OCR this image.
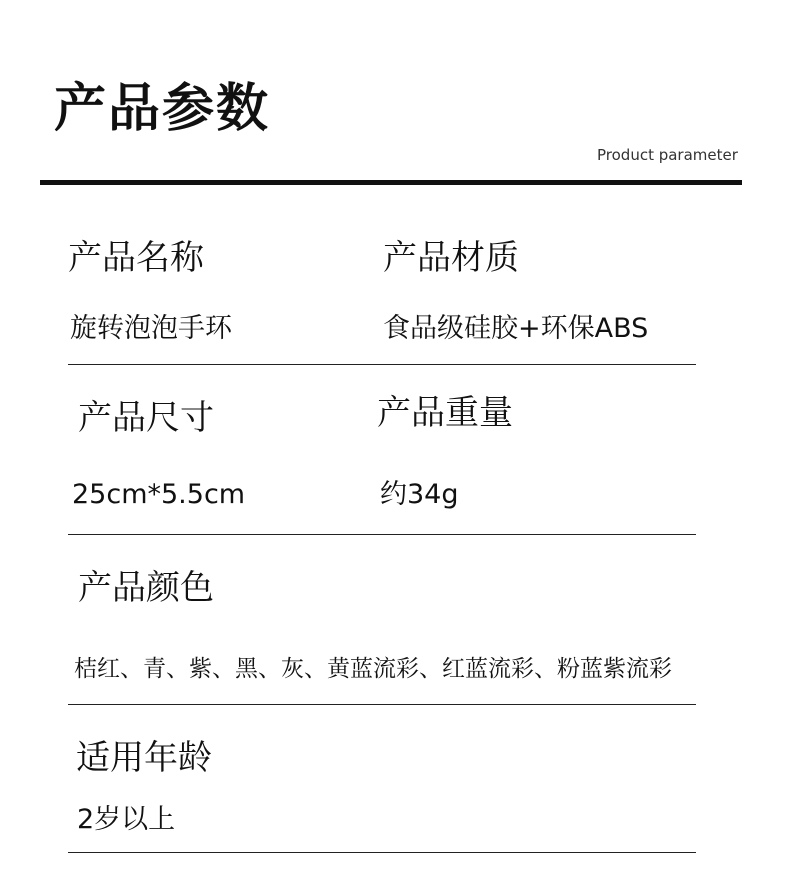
产品参数
Product parameter
产品名称	产品材质
旋转泡泡手环	食品级硅胶+环保ABS
产品尺寸	产品重量
25cm*5.5cm	约34g
产品颜色
桔红、青、紫、黑、灰、黄蓝流彩、红蓝流彩、粉蓝紫流彩
适用年龄
2岁以上
